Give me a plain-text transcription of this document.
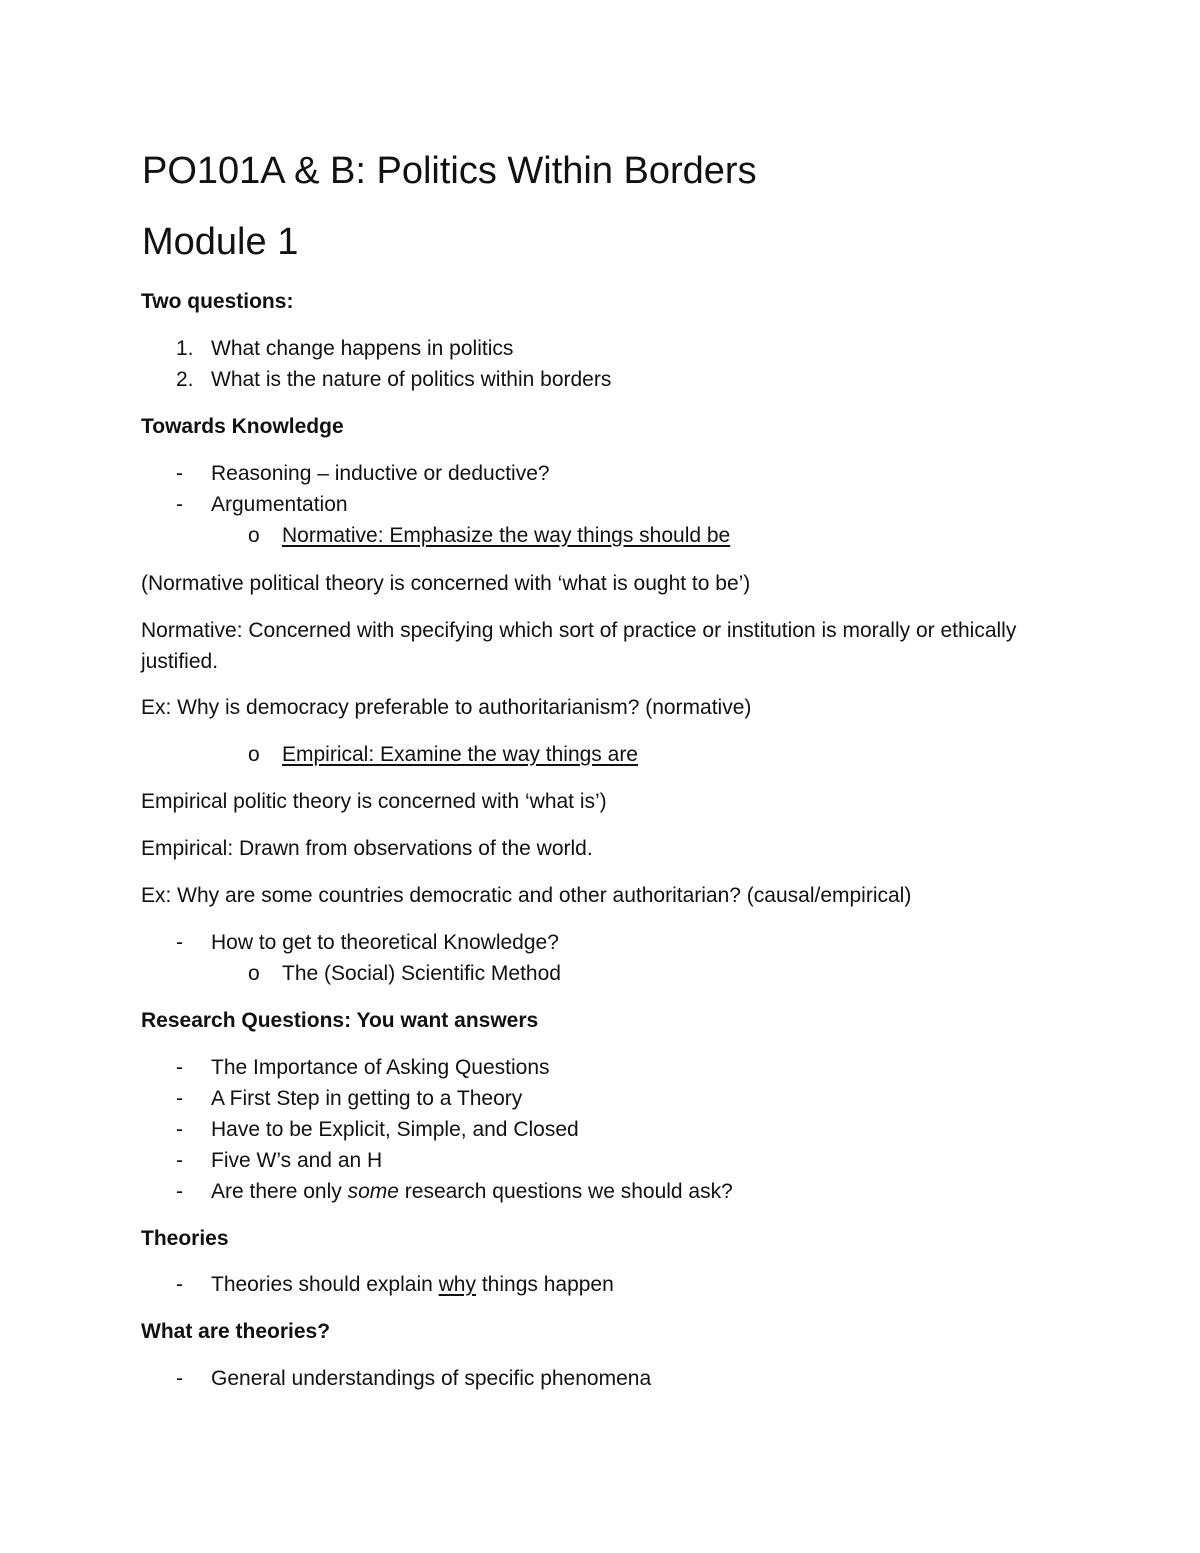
PO101A & B: Politics Within Borders
Module 1
Two questions:
1. What change happens in politics
2. What is the nature of politics within borders
Towards Knowledge
- Reasoning – inductive or deductive?
- Argumentation
o Normative: Emphasize the way things should be
(Normative political theory is concerned with ‘what is ought to be’)
Normative: Concerned with specifying which sort of practice or institution is morally or ethically
justified.
Ex: Why is democracy preferable to authoritarianism? (normative)
o Empirical: Examine the way things are
Empirical politic theory is concerned with ‘what is’)
Empirical: Drawn from observations of the world.
Ex: Why are some countries democratic and other authoritarian? (causal/empirical)
- How to get to theoretical Knowledge?
o The (Social) Scientific Method
Research Questions: You want answers
- The Importance of Asking Questions
- A First Step in getting to a Theory
- Have to be Explicit, Simple, and Closed
- Five W’s and an H
- Are there only some research questions we should ask?
Theories
- Theories should explain why things happen
What are theories?
- General understandings of specific phenomena
